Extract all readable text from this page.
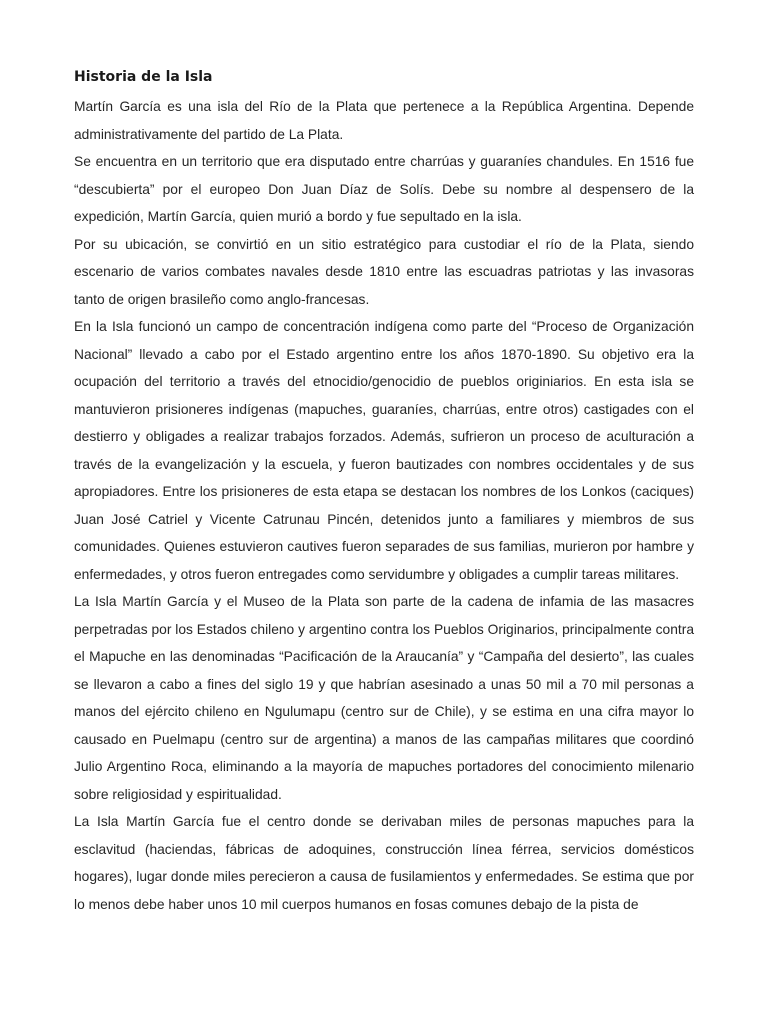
Historia de la Isla

Martín García es una isla del Río de la Plata que pertenece a la República Argentina. Depende administrativamente del partido de La Plata.

Se encuentra en un territorio que era disputado entre charrúas y guaraníes chandules. En 1516 fue “descubierta” por el europeo Don Juan Díaz de Solís. Debe su nombre al despensero de la expedición, Martín García, quien murió a bordo y fue sepultado en la isla.

Por su ubicación, se convirtió en un sitio estratégico para custodiar el río de la Plata, siendo escenario de varios combates navales desde 1810 entre las escuadras patriotas y las invasoras tanto de origen brasileño como anglo-francesas.

En la Isla funcionó un campo de concentración indígena como parte del “Proceso de Organización Nacional” llevado a cabo por el Estado argentino entre los años 1870-1890. Su objetivo era la ocupación del territorio a través del etnocidio/genocidio de pueblos originiarios. En esta isla se mantuvieron prisioneres indígenas (mapuches, guaraníes, charrúas, entre otros) castigades con el destierro y obligades a realizar trabajos forzados. Además, sufrieron un proceso de aculturación a través de la evangelización y la escuela, y fueron bautizades con nombres occidentales y de sus apropiadores. Entre los prisioneres de esta etapa se destacan los nombres de los Lonkos (caciques) Juan José Catriel y Vicente Catrunau Pincén, detenidos junto a familiares y miembros de sus comunidades. Quienes estuvieron cautives fueron separades de sus familias, murieron por hambre y enfermedades, y otros fueron entregades como servidumbre y obligades a cumplir tareas militares.

La Isla Martín García y el Museo de la Plata son parte de la cadena de infamia de las masacres perpetradas por los Estados chileno y argentino contra los Pueblos Originarios, principalmente contra el Mapuche en las denominadas “Pacificación de la Araucanía” y “Campaña del desierto”, las cuales se llevaron a cabo a fines del siglo 19 y que habrían asesinado a unas 50 mil a 70 mil personas a manos del ejército chileno en Ngulumapu (centro sur de Chile), y se estima en una cifra mayor lo causado en Puelmapu (centro sur de argentina) a manos de las campañas militares que coordinó Julio Argentino Roca, eliminando a la mayoría de mapuches portadores del conocimiento milenario sobre religiosidad y espiritualidad.

La Isla Martín García fue el centro donde se derivaban miles de personas mapuches para la esclavitud (haciendas, fábricas de adoquines, construcción línea férrea, servicios domésticos hogares), lugar donde miles perecieron a causa de fusilamientos y enfermedades. Se estima que por lo menos debe haber unos 10 mil cuerpos humanos en fosas comunes debajo de la pista de
